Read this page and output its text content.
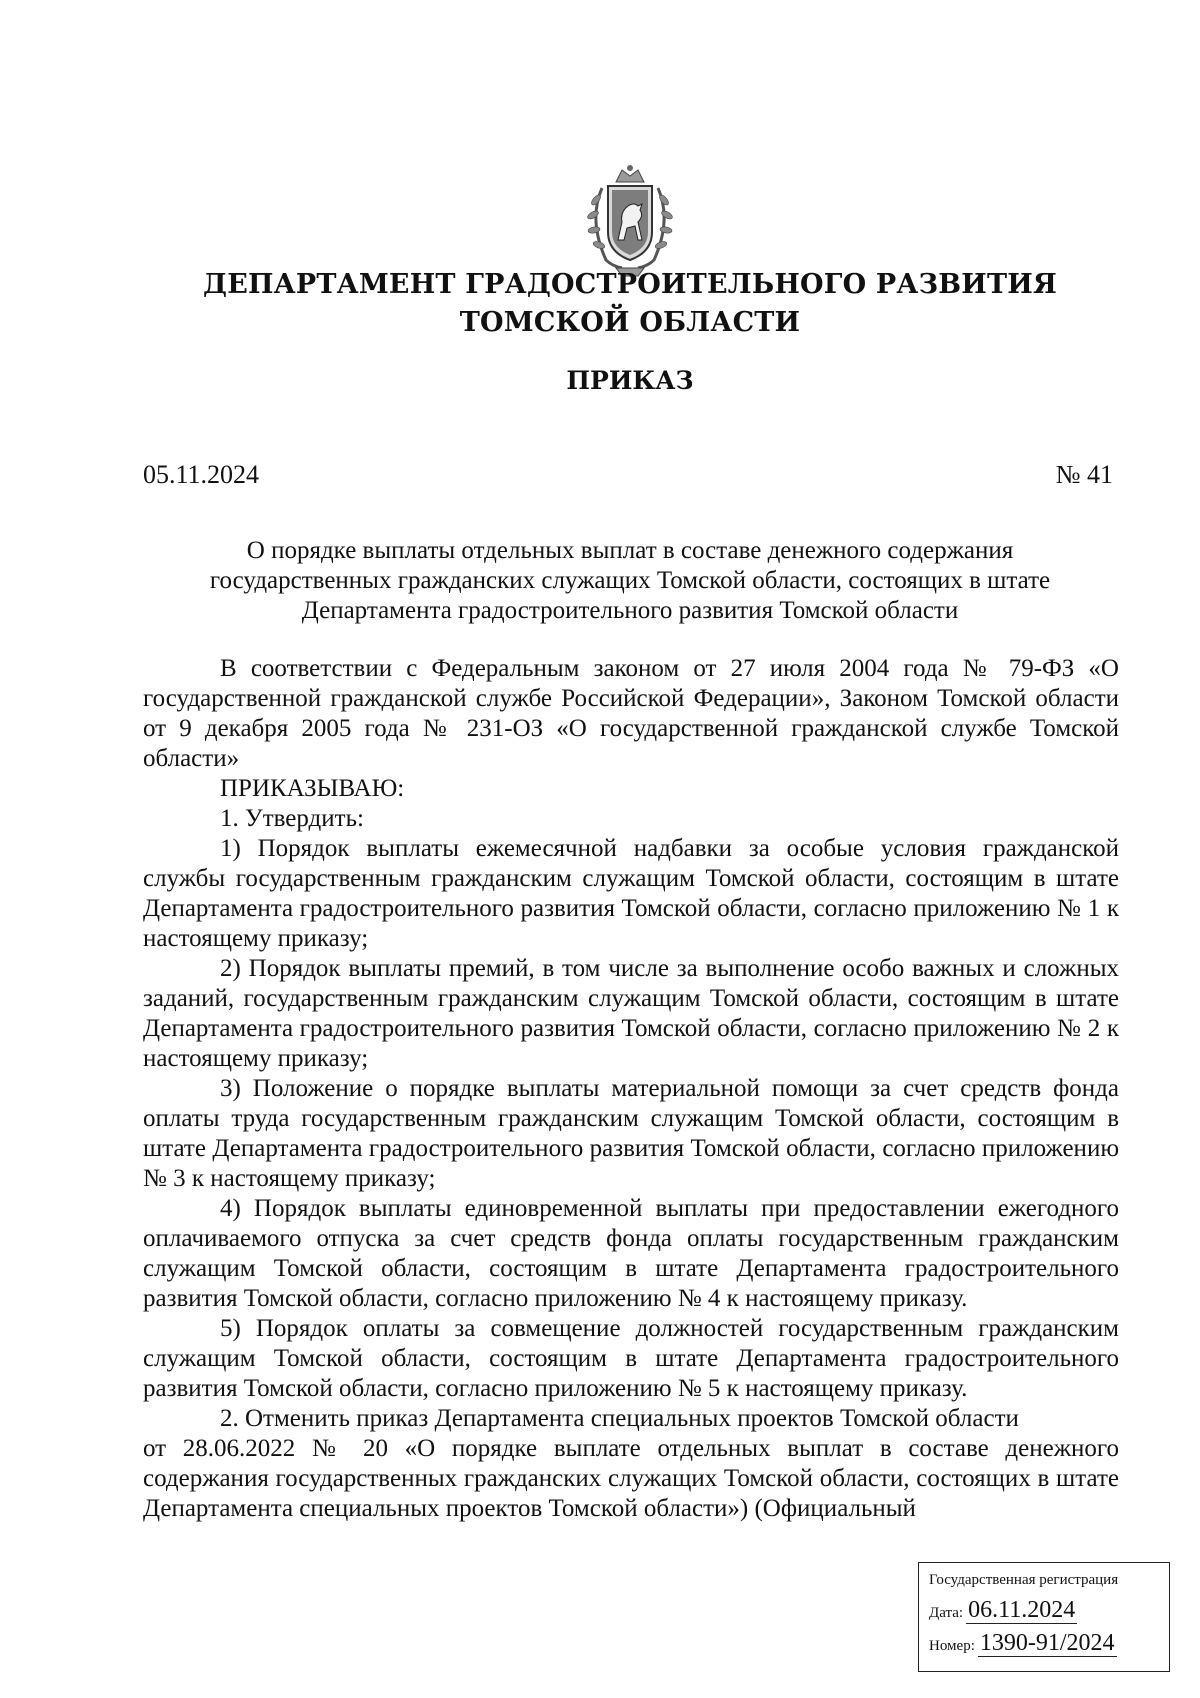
ДЕПАРТАМЕНТ ГРАДОСТРОИТЕЛЬНОГО РАЗВИТИЯ
ТОМСКОЙ ОБЛАСТИ
ПРИКАЗ
05.11.2024	№ 41
О порядке выплаты отдельных выплат в составе денежного содержания
государственных гражданских служащих Томской области, состоящих в штате
Департамента градостроительного развития Томской области

В соответствии с Федеральным законом от 27 июля 2004 года № 79-ФЗ «О государственной гражданской службе Российской Федерации», Законом Томской области от 9 декабря 2005 года № 231-ОЗ «О государственной гражданской службе Томской области»

ПРИКАЗЫВАЮ:

1. Утвердить:

1) Порядок выплаты ежемесячной надбавки за особые условия гражданской службы государственным гражданским служащим Томской области, состоящим в штате Департамента градостроительного развития Томской области, согласно приложению № 1 к настоящему приказу;

2) Порядок выплаты премий, в том числе за выполнение особо важных и сложных заданий, государственным гражданским служащим Томской области, состоящим в штате Департамента градостроительного развития Томской области, согласно приложению № 2 к настоящему приказу;

3) Положение о порядке выплаты материальной помощи за счет средств фонда оплаты труда государственным гражданским служащим Томской области, состоящим в штате Департамента градостроительного развития Томской области, согласно приложению № 3 к настоящему приказу;

4) Порядок выплаты единовременной выплаты при предоставлении ежегодного оплачиваемого отпуска за счет средств фонда оплаты государственным гражданским служащим Томской области, состоящим в штате Департамента градостроительного развития Томской области, согласно приложению № 4 к настоящему приказу.

5) Порядок оплаты за совмещение должностей государственным гражданским служащим Томской области, состоящим в штате Департамента градостроительного развития Томской области, согласно приложению № 5 к настоящему приказу.

2. Отменить приказ Департамента специальных проектов Томской области

от 28.06.2022 № 20 «О порядке выплате отдельных выплат в составе денежного содержания государственных гражданских служащих Томской области, состоящих в штате Департамента специальных проектов Томской области») (Официальный

Государственная регистрация
Дата: 06.11.2024
Номер: 1390-91/2024
